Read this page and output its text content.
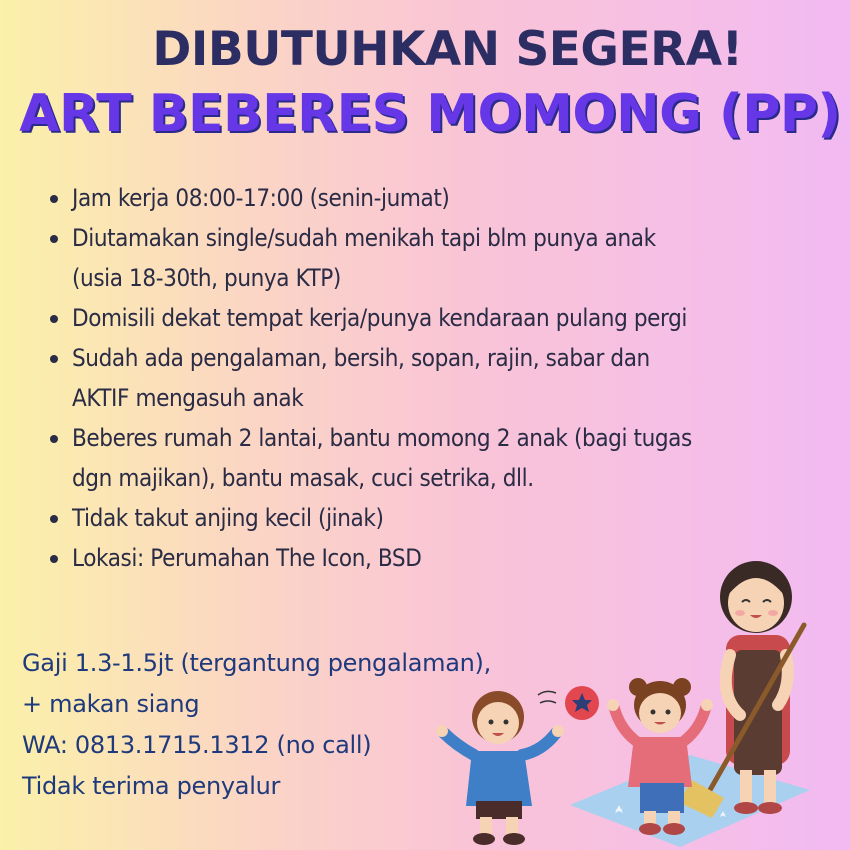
DIBUTUHKAN SEGERA!
ART BEBERES MOMONG (PP)
Jam kerja 08:00-17:00 (senin-jumat)
Diutamakan single/sudah menikah tapi blm punya anak
(usia 18-30th, punya KTP)
Domisili dekat tempat kerja/punya kendaraan pulang pergi
Sudah ada pengalaman, bersih, sopan, rajin, sabar dan
AKTIF mengasuh anak
Beberes rumah 2 lantai, bantu momong 2 anak (bagi tugas
dgn majikan), bantu masak, cuci setrika, dll.
Tidak takut anjing kecil (jinak)
Lokasi: Perumahan The Icon, BSD
Gaji 1.3-1.5jt (tergantung pengalaman),
+ makan siang
WA: 0813.1715.1312 (no call)
Tidak terima penyalur
